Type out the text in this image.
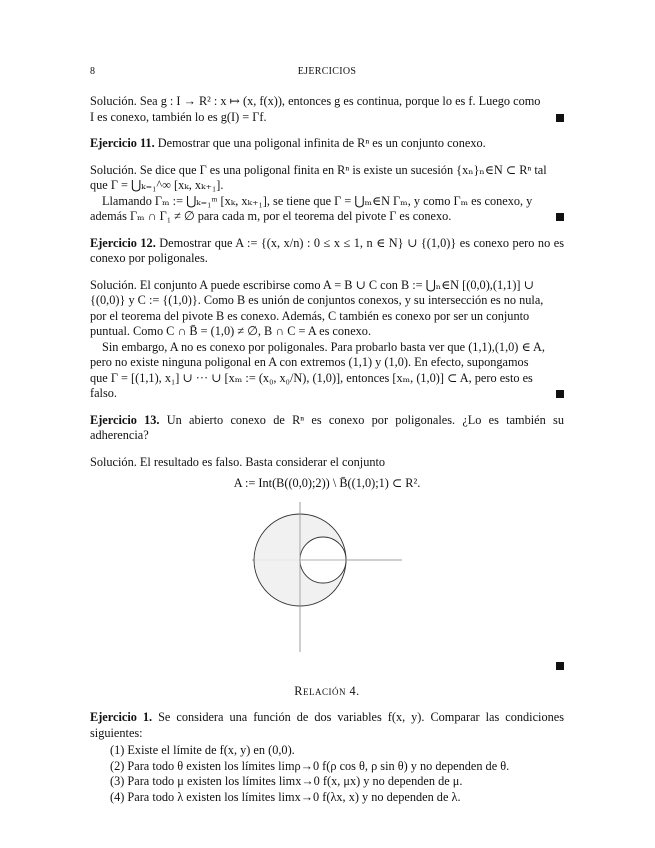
8	EJERCICIOS

Solución. Sea g : I → R² : x ↦ (x, f(x)), entonces g es continua, porque lo es f. Luego como

I es conexo, también lo es g(I) = Γf.

Ejercicio 11. Demostrar que una poligonal infinita de Rⁿ es un conjunto conexo.

Solución. Se dice que Γ es una poligonal finita en Rⁿ is existe un sucesión {xₙ}ₙ∈N ⊂ Rⁿ tal

que Γ = ⋃ₖ₌₁^∞ [xₖ, xₖ₊₁].

Llamando Γₘ := ⋃ₖ₌₁ᵐ [xₖ, xₖ₊₁], se tiene que Γ = ⋃ₘ∈N Γₘ, y como Γₘ es conexo, y

además Γₘ ∩ Γ₁ ≠ ∅ para cada m, por el teorema del pivote Γ es conexo.

Ejercicio 12. Demostrar que A := {(x, x/n) : 0 ≤ x ≤ 1, n ∈ N} ∪ {(1,0)} es conexo pero no es conexo por poligonales.

Solución. El conjunto A puede escribirse como A = B ∪ C con B := ⋃ₙ∈N [(0,0),(1,1)] ∪

{(0,0)} y C := {(1,0)}. Como B es unión de conjuntos conexos, y su intersección es no nula,

por el teorema del pivote B es conexo. Además, C también es conexo por ser un conjunto

puntual. Como C ∩ B̄ = (1,0) ≠ ∅, B ∩ C = A es conexo.

Sin embargo, A no es conexo por poligonales. Para probarlo basta ver que (1,1),(1,0) ∈ A,

pero no existe ninguna poligonal en A con extremos (1,1) y (1,0). En efecto, supongamos

que Γ = [(1,1), x₁] ∪ ··· ∪ [xₘ := (x₀, x₀/N), (1,0)], entonces [xₘ, (1,0)] ⊂ A, pero esto es

falso.

Ejercicio 13. Un abierto conexo de Rⁿ es conexo por poligonales. ¿Lo es también su adherencia?

Solución. El resultado es falso. Basta considerar el conjunto

A := Int(B((0,0);2)) \ B̄((1,0);1) ⊂ R².
Relación 4.

Ejercicio 1. Se considera una función de dos variables f(x, y). Comparar las condiciones siguientes:

(1) Existe el límite de f(x, y) en (0,0).
(2) Para todo θ existen los límites limρ→0 f(ρ cos θ, ρ sin θ) y no dependen de θ.
(3) Para todo μ existen los límites limx→0 f(x, μx) y no dependen de μ.
(4) Para todo λ existen los límites limx→0 f(λx, x) y no dependen de λ.
